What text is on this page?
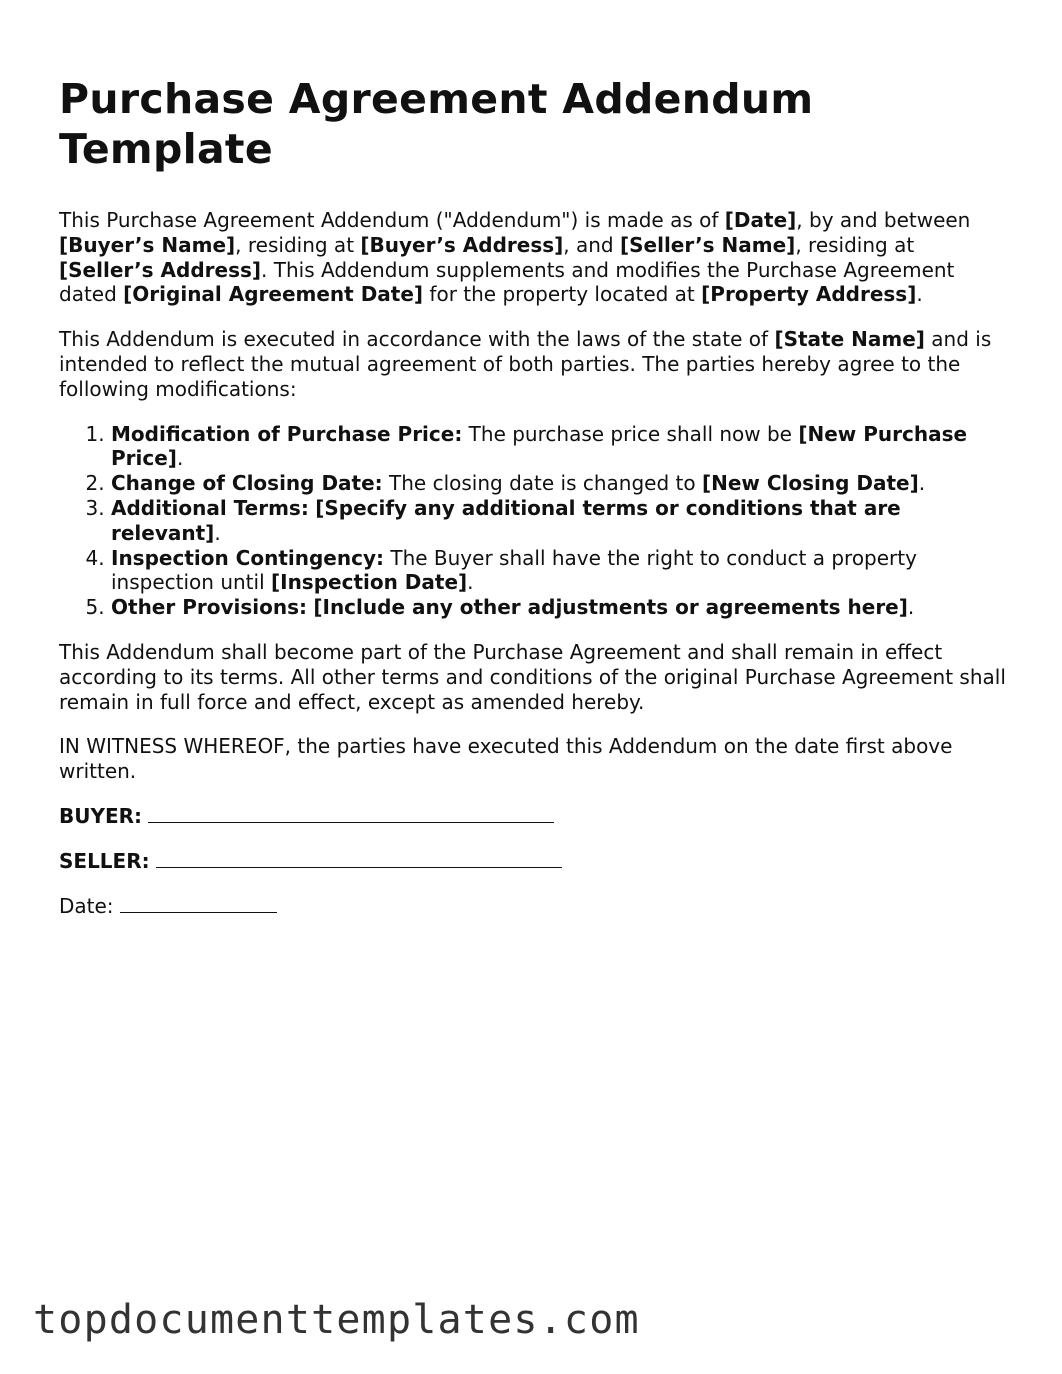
Purchase Agreement Addendum Template

This Purchase Agreement Addendum ("Addendum") is made as of [Date], by and between [Buyer’s Name], residing at [Buyer’s Address], and [Seller’s Name], residing at [Seller’s Address]. This Addendum supplements and modifies the Purchase Agreement dated [Original Agreement Date] for the property located at [Property Address].

This Addendum is executed in accordance with the laws of the state of [State Name] and is intended to reflect the mutual agreement of both parties. The parties hereby agree to the following modifications:

1. Modification of Purchase Price: The purchase price shall now be [New Purchase Price].
2. Change of Closing Date: The closing date is changed to [New Closing Date].
3. Additional Terms: [Specify any additional terms or conditions that are relevant].
4. Inspection Contingency: The Buyer shall have the right to conduct a property inspection until [Inspection Date].
5. Other Provisions: [Include any other adjustments or agreements here].

This Addendum shall become part of the Purchase Agreement and shall remain in effect according to its terms. All other terms and conditions of the original Purchase Agreement shall remain in full force and effect, except as amended hereby.

IN WITNESS WHEREOF, the parties have executed this Addendum on the date first above written.

BUYER:

SELLER:

Date:

topdocumenttemplates.com
